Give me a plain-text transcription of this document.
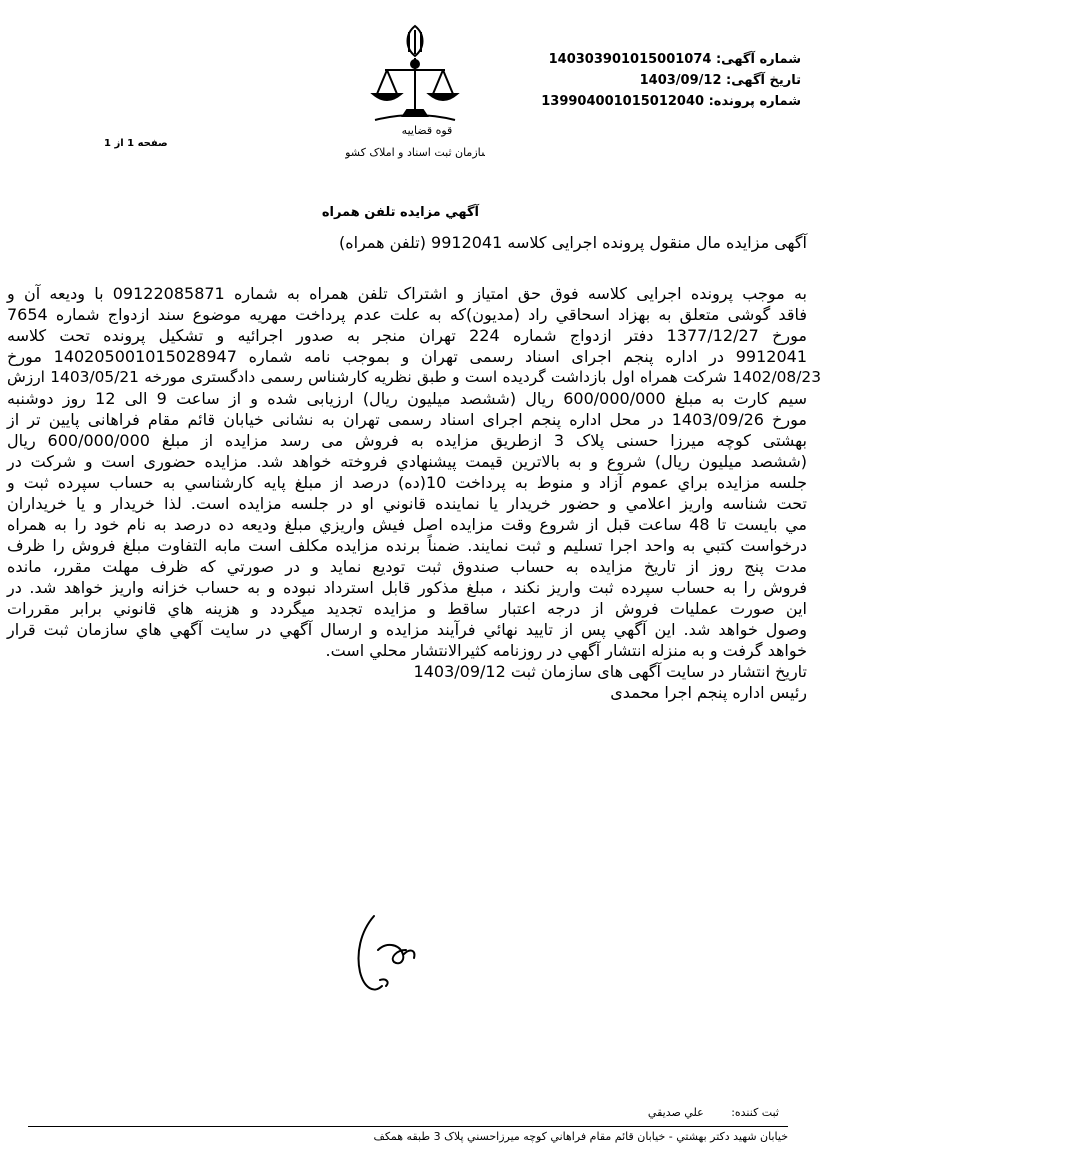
شماره آگهی: 140303901015001074
تاریخ آگهی: 1403/09/12
شماره پرونده: 139904001015012040
قوه قضاییه
سازمان ثبت اسناد و املاک کشور
صفحه 1 از 1
آگهي مزايده تلفن همراه
آگهی مزایده مال منقول پرونده اجرایی کلاسه 9912041 (تلفن همراه)
به موجب پرونده اجرایی کلاسه فوق حق امتیاز و اشتراک تلفن همراه به شماره 09122085871 با ودیعه آن و
فاقد گوشی متعلق به بهزاد اسحاقي راد (مديون)که به علت عدم پرداخت مهریه موضوع سند ازدواج شماره 7654
مورخ 1377/12/27 دفتر ازدواج شماره 224 تهران منجر به صدور اجرائیه و تشکیل پرونده تحت کلاسه
9912041 در اداره پنجم اجرای اسناد رسمی تهران و بموجب نامه شماره 140205001015028947 مورخ
1402/08/23 شرکت همراه اول بازداشت گردیده است و طبق نظریه کارشناس رسمی دادگستری مورخه 1403/05/21 ارزش
سیم کارت به مبلغ 600/000/000 ریال (ششصد میلیون ریال) ارزیابی شده و از ساعت 9 الی 12 روز دوشنبه
مورخ 1403/09/26 در محل اداره پنجم اجرای اسناد رسمی تهران به نشانی خیابان قائم مقام فراهانی پایین تر از
بهشتی کوچه میرزا حسنی پلاک 3 ازطریق مزایده به فروش می رسد مزایده از مبلغ 600/000/000 ریال
(ششصد میلیون ریال) شروع و به بالاترین قیمت پیشنهادي فروخته خواهد شد. مزایده حضوری است و شرکت در
جلسه مزايده براي عموم آزاد و منوط به پرداخت 10(ده) درصد از مبلغ پايه كارشناسي به حساب سپرده ثبت و
تحت شناسه واريز اعلامي و حضور خريدار يا نماينده قانوني او در جلسه مزايده است. لذا خريدار و يا خريداران
مي بايست تا 48 ساعت قبل از شروع وقت مزايده اصل فيش واريزي مبلغ وديعه ده درصد به نام خود را به همراه
درخواست كتبي به واحد اجرا تسليم و ثبت نمايند. ضمناً برنده مزايده مكلف است مابه التفاوت مبلغ فروش را ظرف
مدت پنج روز از تاريخ مزايده به حساب صندوق ثبت توديع نمايد و در صورتي كه ظرف مهلت مقرر، مانده
فروش را به حساب سپرده ثبت واريز نكند ، مبلغ مذكور قابل استرداد نبوده و به حساب خزانه واريز خواهد شد. در
اين صورت عمليات فروش از درجه اعتبار ساقط و مزايده تجديد ميگردد و هزينه هاي قانوني برابر مقررات
وصول خواهد شد. اين آگهي پس از تاييد نهائي فرآيند مزايده و ارسال آگهي در سايت آگهي هاي سازمان ثبت قرار
خواهد گرفت و به منزله انتشار آگهي در روزنامه كثيرالانتشار محلي است.
تاریخ انتشار در سایت آگهی های سازمان ثبت 1403/09/12
رئيس اداره پنجم اجرا محمدی
ثبت کننده: علي صديقي
خيابان شهيد دكتر بهشتي - خيابان قائم مقام فراهاني كوچه ميرزاحسني پلاک 3 طبقه همكف
